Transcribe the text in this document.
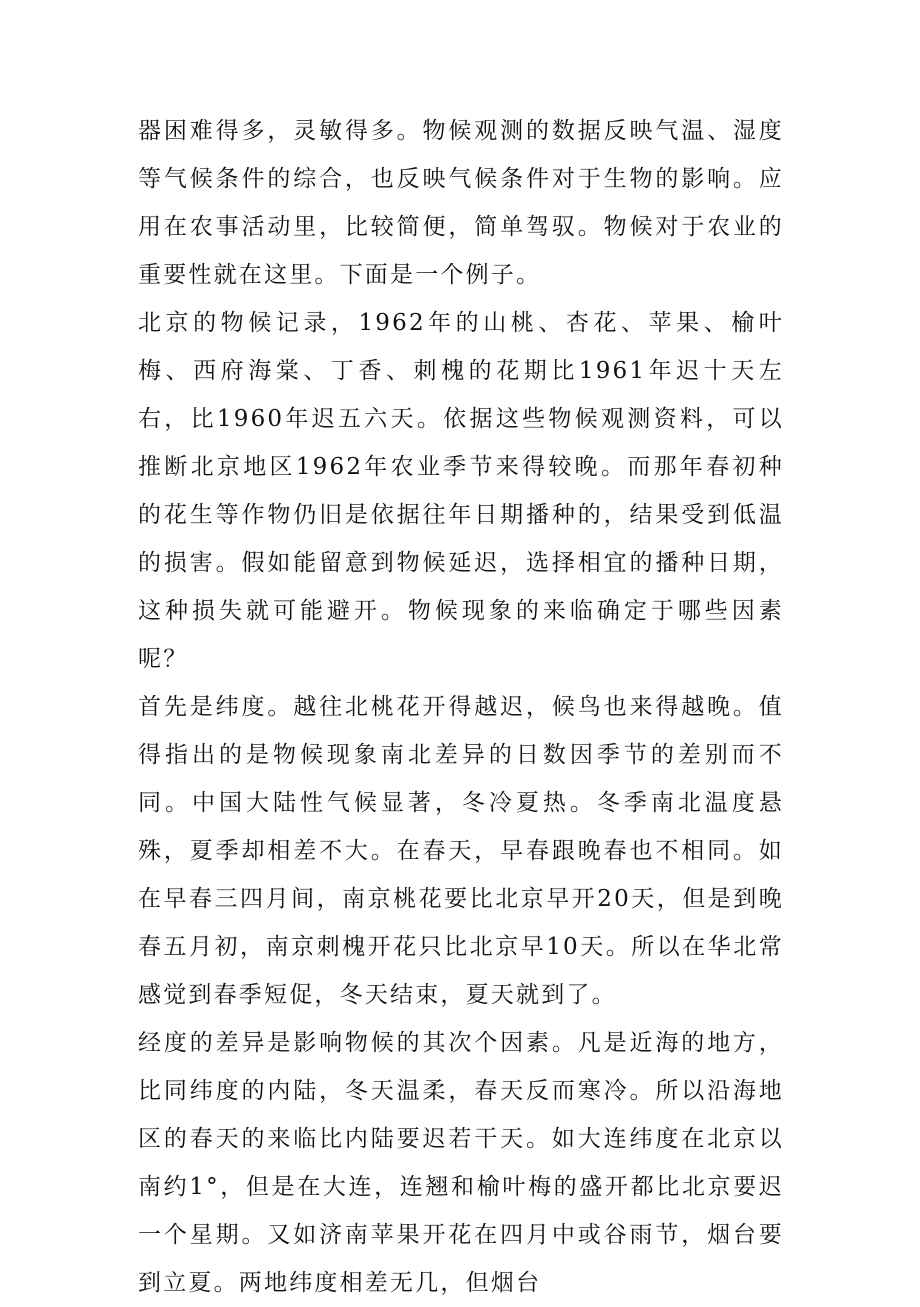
器困难得多，灵敏得多。物候观测的数据反映气温、湿度等气候条件的综合，也反映气候条件对于生物的影响。应用在农事活动里，比较简便，简单驾驭。物候对于农业的重要性就在这里。下面是一个例子。

北京的物候记录，1962年的山桃、杏花、苹果、榆叶梅、西府海棠、丁香、刺槐的花期比1961年迟十天左右，比1960年迟五六天。依据这些物候观测资料，可以推断北京地区1962年农业季节来得较晚。而那年春初种的花生等作物仍旧是依据往年日期播种的，结果受到低温的损害。假如能留意到物候延迟，选择相宜的播种日期，这种损失就可能避开。物候现象的来临确定于哪些因素呢？

首先是纬度。越往北桃花开得越迟，候鸟也来得越晚。值得指出的是物候现象南北差异的日数因季节的差别而不同。中国大陆性气候显著，冬冷夏热。冬季南北温度悬殊，夏季却相差不大。在春天，早春跟晚春也不相同。如在早春三四月间，南京桃花要比北京早开20天，但是到晚春五月初，南京刺槐开花只比北京早10天。所以在华北常感觉到春季短促，冬天结束，夏天就到了。

经度的差异是影响物候的其次个因素。凡是近海的地方，比同纬度的内陆，冬天温柔，春天反而寒冷。所以沿海地区的春天的来临比内陆要迟若干天。如大连纬度在北京以南约1°，但是在大连，连翘和榆叶梅的盛开都比北京要迟一个星期。又如济南苹果开花在四月中或谷雨节，烟台要到立夏。两地纬度相差无几，但烟台
